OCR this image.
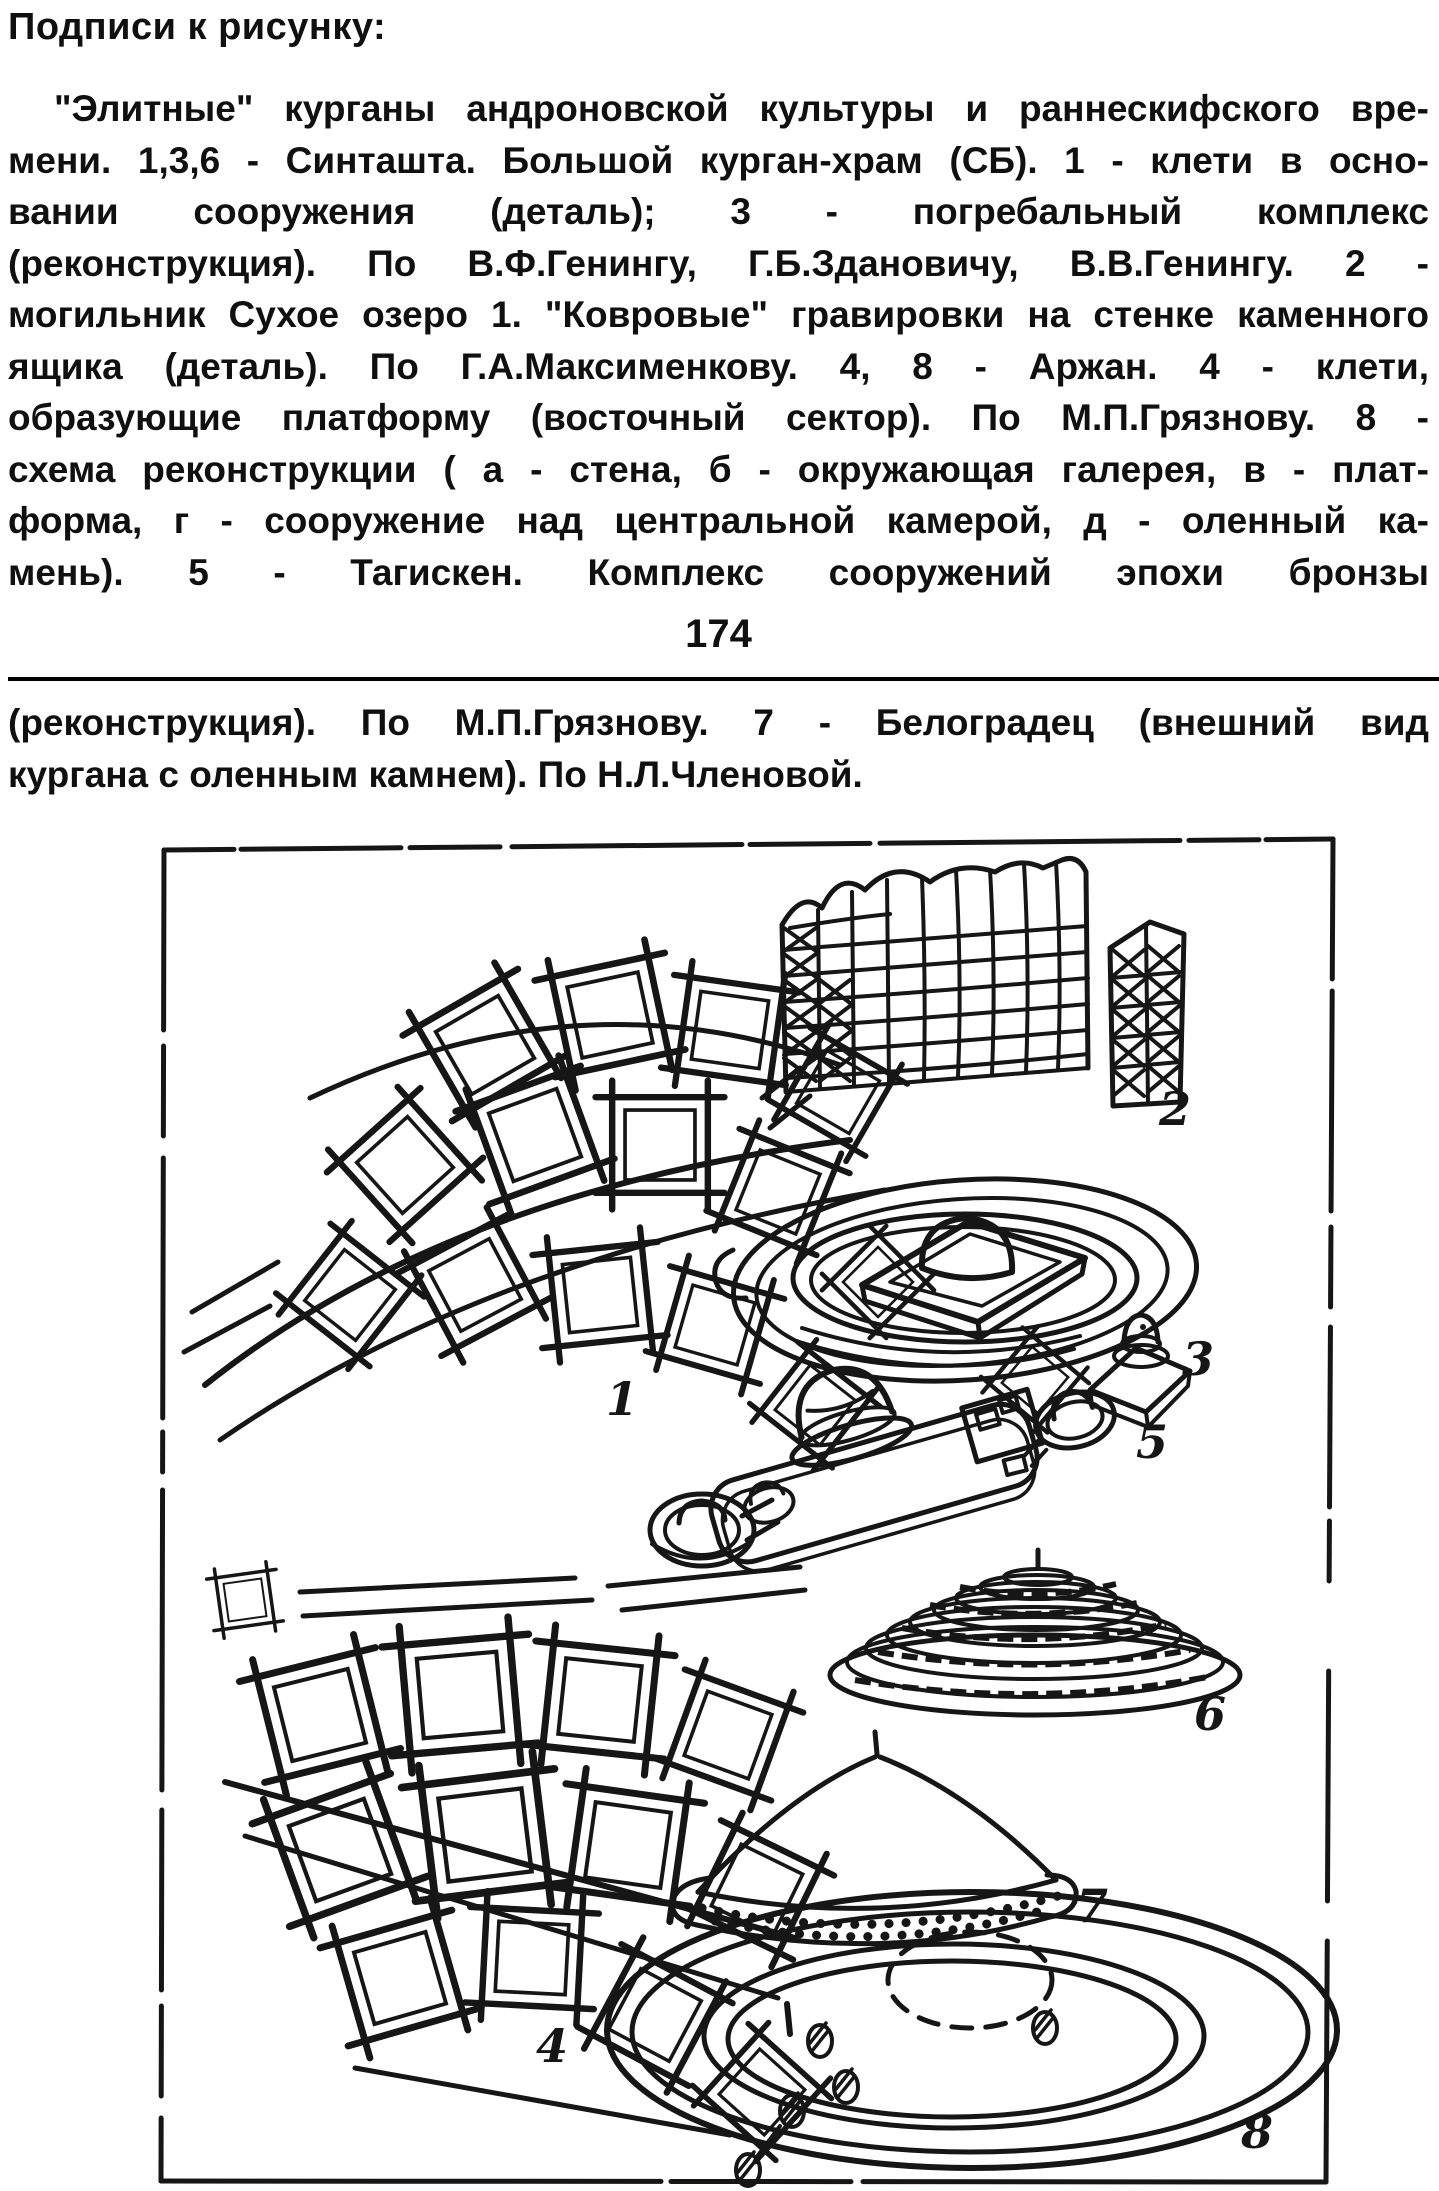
Подписи к рисунку:
"Элитные" курганы андроновской культуры и раннескифского вре-
мени. 1,3,6 - Синташта. Большой курган-храм (СБ). 1 - клети в осно-
вании сооружения (деталь); 3 - погребальный комплекс
(реконструкция). По В.Ф.Генингу, Г.Б.Здановичу, В.В.Генингу. 2 -
могильник Сухое озеро 1. "Ковровые" гравировки на стенке каменного
ящика (деталь). По Г.А.Максименкову. 4, 8 - Аржан. 4 - клети,
образующие платформу (восточный сектор). По М.П.Грязнову. 8 -
схема реконструкции ( а - стена, б - окружающая галерея, в - плат-
форма, г - сооружение над центральной камерой, д - оленный ка-
мень). 5 - Тагискен. Комплекс сооружений эпохи бронзы
174
(реконструкция). По М.П.Грязнову. 7 - Белоградец (внешний вид
кургана с оленным камнем). По Н.Л.Членовой.
1
2
3
4
5
6
7
8
